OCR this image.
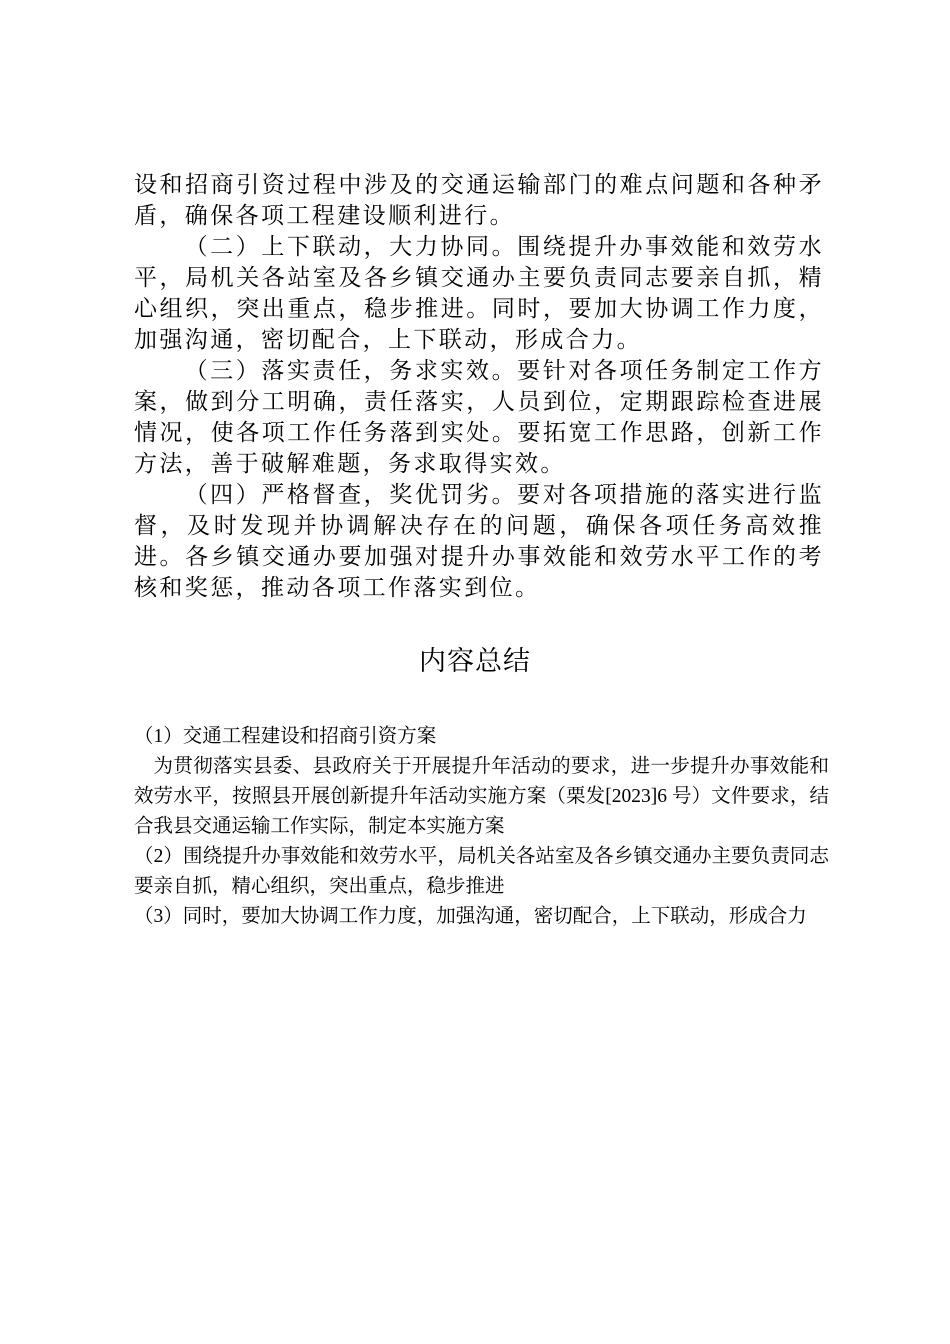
设和招商引资过程中涉及的交通运输部门的难点问题和各种矛盾，确保各项工程建设顺利进行。

（二）上下联动，大力协同。围绕提升办事效能和效劳水平，局机关各站室及各乡镇交通办主要负责同志要亲自抓，精心组织，突出重点，稳步推进。同时，要加大协调工作力度，加强沟通，密切配合，上下联动，形成合力。

（三）落实责任，务求实效。要针对各项任务制定工作方案，做到分工明确，责任落实，人员到位，定期跟踪检查进展情况，使各项工作任务落到实处。要拓宽工作思路，创新工作方法，善于破解难题，务求取得实效。

（四）严格督查，奖优罚劣。要对各项措施的落实进行监督，及时发现并协调解决存在的问题，确保各项任务高效推进。各乡镇交通办要加强对提升办事效能和效劳水平工作的考核和奖惩，推动各项工作落实到位。

内容总结

（1）交通工程建设和招商引资方案

为贯彻落实县委、县政府关于开展提升年活动的要求，进一步提升办事效能和效劳水平，按照县开展创新提升年活动实施方案（栗发[2023]6 号）文件要求，结合我县交通运输工作实际，制定本实施方案

（2）围绕提升办事效能和效劳水平，局机关各站室及各乡镇交通办主要负责同志要亲自抓，精心组织，突出重点，稳步推进

（3）同时，要加大协调工作力度，加强沟通，密切配合，上下联动，形成合力
